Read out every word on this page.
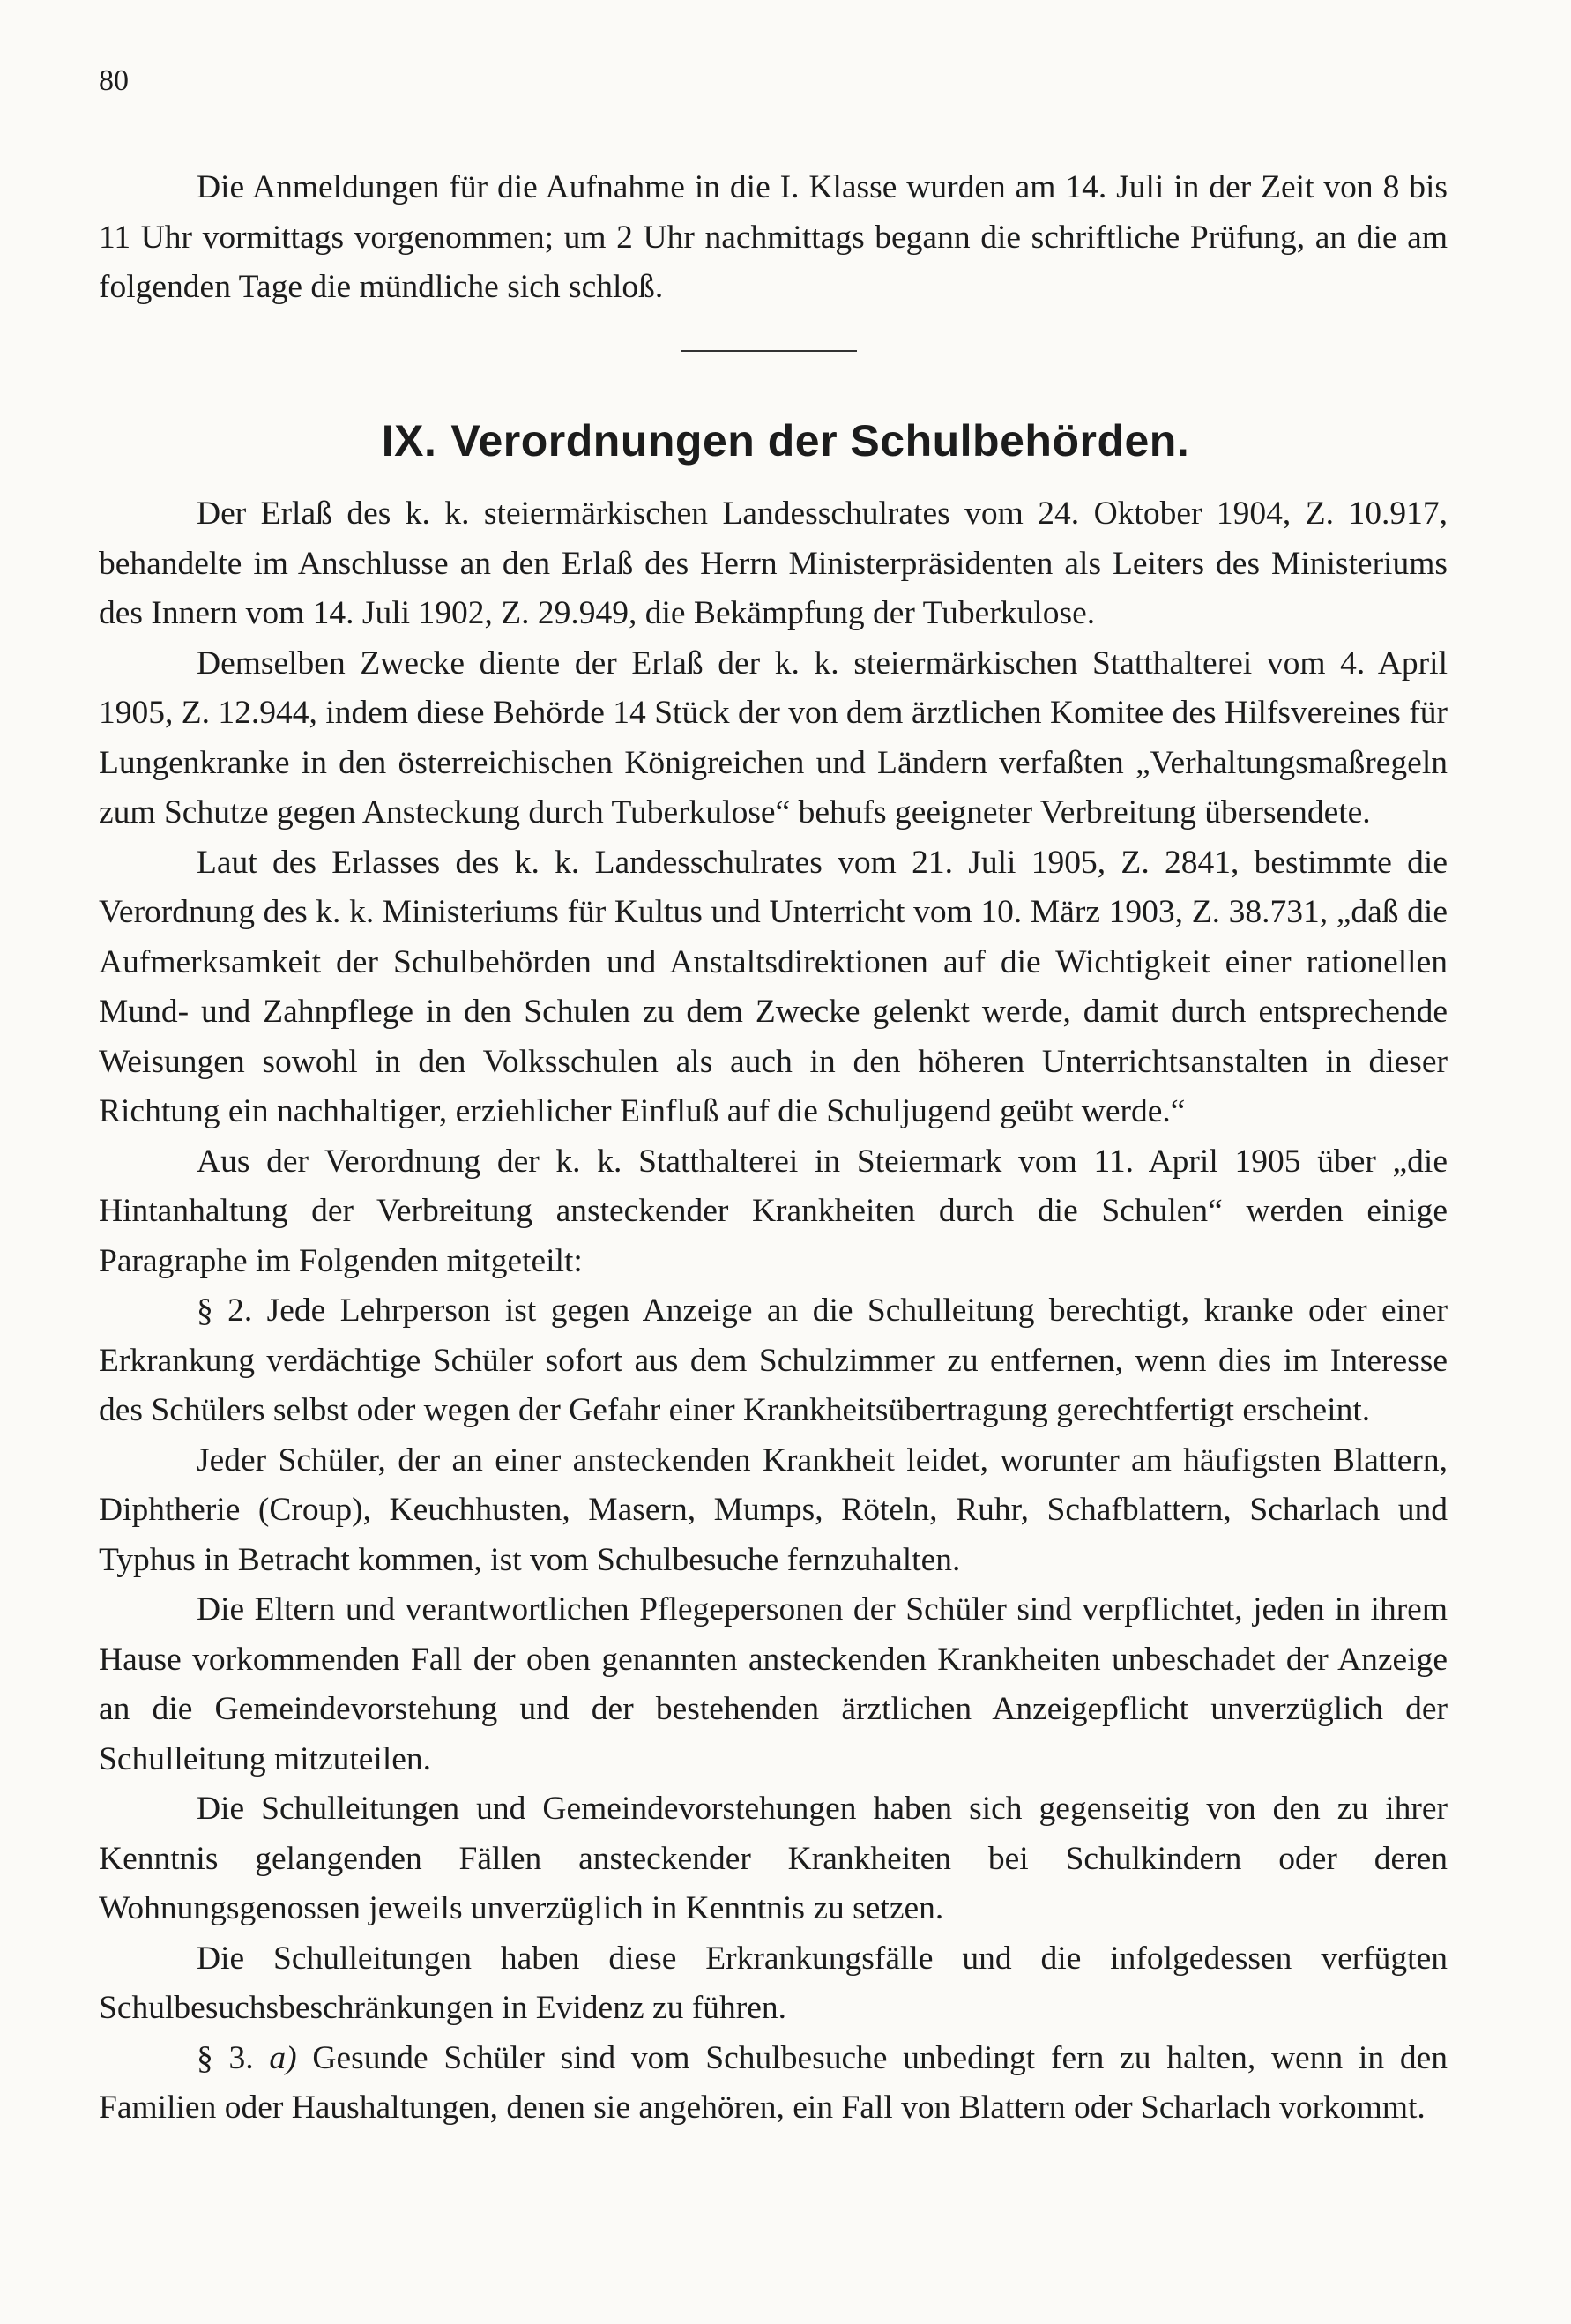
80

Die Anmeldungen für die Aufnahme in die I. Klasse wurden am 14. Juli in der Zeit von 8 bis 11 Uhr vormittags vorgenommen; um 2 Uhr nachmittags begann die schriftliche Prüfung, an die am folgenden Tage die mündliche sich schloß.

IX. Verordnungen der Schulbehörden.

Der Erlaß des k. k. steiermärkischen Landesschulrates vom 24. Oktober 1904, Z. 10.917, behandelte im Anschlusse an den Erlaß des Herrn Ministerpräsidenten als Leiters des Ministeriums des Innern vom 14. Juli 1902, Z. 29.949, die Bekämpfung der Tuberkulose.

Demselben Zwecke diente der Erlaß der k. k. steiermärkischen Statthalterei vom 4. April 1905, Z. 12.944, indem diese Behörde 14 Stück der von dem ärztlichen Komitee des Hilfsvereines für Lungenkranke in den österreichischen Königreichen und Ländern verfaßten „Verhaltungsmaßregeln zum Schutze gegen Ansteckung durch Tuberkulose“ behufs geeigneter Verbreitung übersendete.

Laut des Erlasses des k. k. Landesschulrates vom 21. Juli 1905, Z. 2841, bestimmte die Verordnung des k. k. Ministeriums für Kultus und Unterricht vom 10. März 1903, Z. 38.731, „daß die Aufmerksamkeit der Schulbehörden und Anstaltsdirektionen auf die Wichtigkeit einer rationellen Mund- und Zahnpflege in den Schulen zu dem Zwecke gelenkt werde, damit durch entsprechende Weisungen sowohl in den Volksschulen als auch in den höheren Unterrichtsanstalten in dieser Richtung ein nachhaltiger, erziehlicher Einfluß auf die Schuljugend geübt werde.“

Aus der Verordnung der k. k. Statthalterei in Steiermark vom 11. April 1905 über „die Hintanhaltung der Verbreitung ansteckender Krankheiten durch die Schulen“ werden einige Paragraphe im Folgenden mitgeteilt:

§ 2. Jede Lehrperson ist gegen Anzeige an die Schulleitung berechtigt, kranke oder einer Erkrankung verdächtige Schüler sofort aus dem Schulzimmer zu entfernen, wenn dies im Interesse des Schülers selbst oder wegen der Gefahr einer Krankheitsübertragung gerechtfertigt erscheint.

Jeder Schüler, der an einer ansteckenden Krankheit leidet, worunter am häufigsten Blattern, Diphtherie (Croup), Keuchhusten, Masern, Mumps, Röteln, Ruhr, Schafblattern, Scharlach und Typhus in Betracht kommen, ist vom Schulbesuche fernzuhalten.

Die Eltern und verantwortlichen Pflegepersonen der Schüler sind verpflichtet, jeden in ihrem Hause vorkommenden Fall der oben genannten ansteckenden Krankheiten unbeschadet der Anzeige an die Gemeindevorstehung und der bestehenden ärztlichen Anzeigepflicht unverzüglich der Schulleitung mitzuteilen.

Die Schulleitungen und Gemeindevorstehungen haben sich gegenseitig von den zu ihrer Kenntnis gelangenden Fällen ansteckender Krankheiten bei Schulkindern oder deren Wohnungsgenossen jeweils unverzüglich in Kenntnis zu setzen.

Die Schulleitungen haben diese Erkrankungsfälle und die infolgedessen verfügten Schulbesuchsbeschränkungen in Evidenz zu führen.

§ 3. a) Gesunde Schüler sind vom Schulbesuche unbedingt fern zu halten, wenn in den Familien oder Haushaltungen, denen sie angehören, ein Fall von Blattern oder Scharlach vorkommt.
